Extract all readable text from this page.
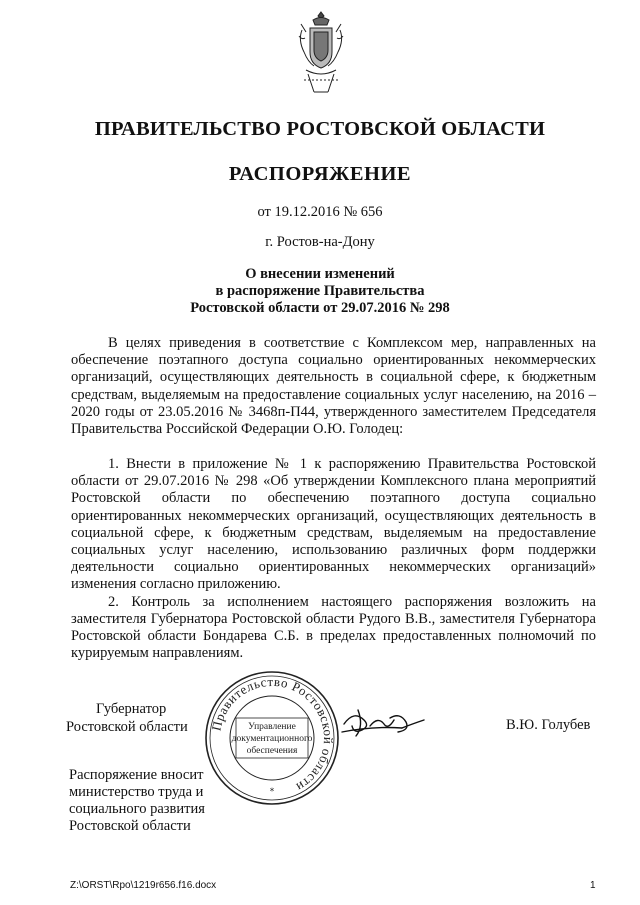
ПРАВИТЕЛЬСТВО РОСТОВСКОЙ ОБЛАСТИ
РАСПОРЯЖЕНИЕ
от 19.12.2016 № 656
г. Ростов-на-Дону
О внесении изменений
в распоряжение Правительства
Ростовской области от 29.07.2016 № 298

В целях приведения в соответствие с Комплексом мер, направленных на обеспечение поэтапного доступа социально ориентированных некоммерческих организаций, осуществляющих деятельность в социальной сфере, к бюджетным средствам, выделяемым на предоставление социальных услуг населению, на 2016 – 2020 годы от 23.05.2016 № 3468п-П44, утвержденного заместителем Председателя Правительства Российской Федерации О.Ю. Голодец:

1. Внести в приложение № 1 к распоряжению Правительства Ростовской области от 29.07.2016 № 298 «Об утверждении Комплексного плана мероприятий Ростовской области по обеспечению поэтапного доступа социально ориентированных некоммерческих организаций, осуществляющих деятельность в социальной сфере, к бюджетным средствам, выделяемым на предоставление социальных услуг населению, использованию различных форм поддержки деятельности социально ориентированных некоммерческих организаций» изменения согласно приложению.

2. Контроль за исполнением настоящего распоряжения возложить на заместителя Губернатора Ростовской области Рудого В.В., заместителя Губернатора Ростовской области Бондарева С.Б. в пределах предоставленных полномочий по курируемым направлениям.

Правительство Ростовской области
Управление
документационного
обеспечения
*
Губернатор
Ростовской области	В.Ю. Голубев
Распоряжение вносит
министерство труда и
социального развития
Ростовской области
Z:\ORST\Rpo\1219r656.f16.docx	1
